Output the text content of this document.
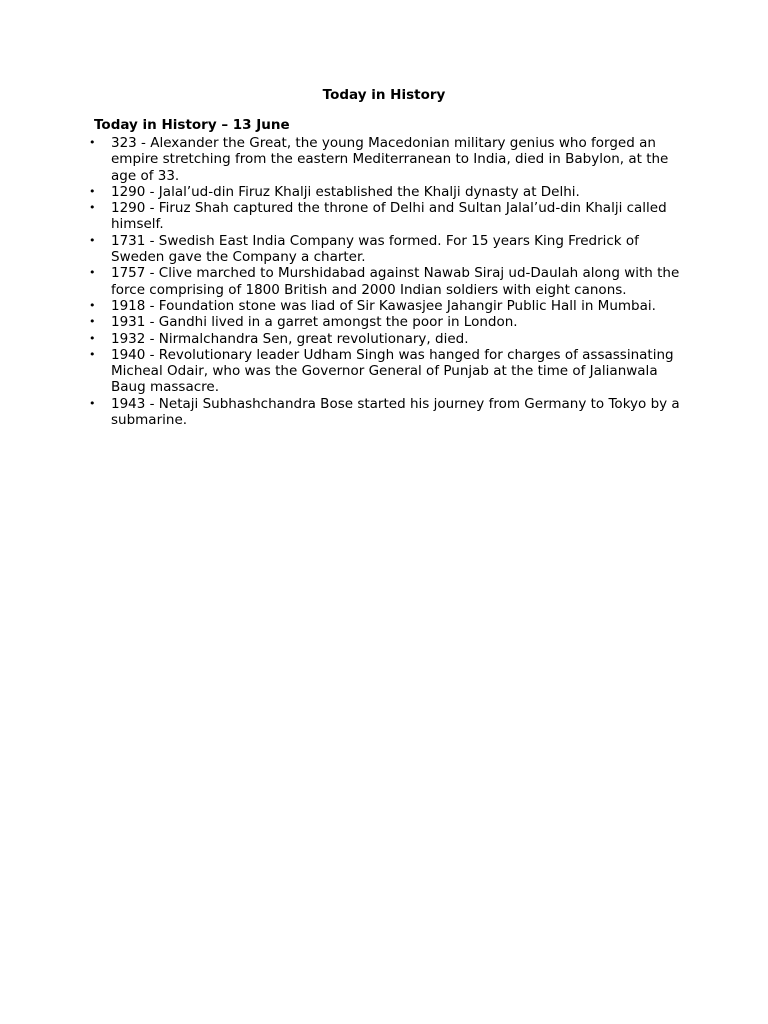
Today in History
Today in History – 13 June
• 323 - Alexander the Great, the young Macedonian military genius who forged an empire stretching from the eastern Mediterranean to India, died in Babylon, at the age of 33.
• 1290 - Jalal’ud-din Firuz Khalji established the Khalji dynasty at Delhi.
• 1290 - Firuz Shah captured the throne of Delhi and Sultan Jalal’ud-din Khalji called himself.
• 1731 - Swedish East India Company was formed. For 15 years King Fredrick of Sweden gave the Company a charter.
• 1757 - Clive marched to Murshidabad against Nawab Siraj ud-Daulah along with the force comprising of 1800 British and 2000 Indian soldiers with eight canons.
• 1918 - Foundation stone was liad of Sir Kawasjee Jahangir Public Hall in Mumbai.
• 1931 - Gandhi lived in a garret amongst the poor in London.
• 1932 - Nirmalchandra Sen, great revolutionary, died.
• 1940 - Revolutionary leader Udham Singh was hanged for charges of assassinating Micheal Odair, who was the Governor General of Punjab at the time of Jalianwala Baug massacre.
• 1943 - Netaji Subhashchandra Bose started his journey from Germany to Tokyo by a submarine.
